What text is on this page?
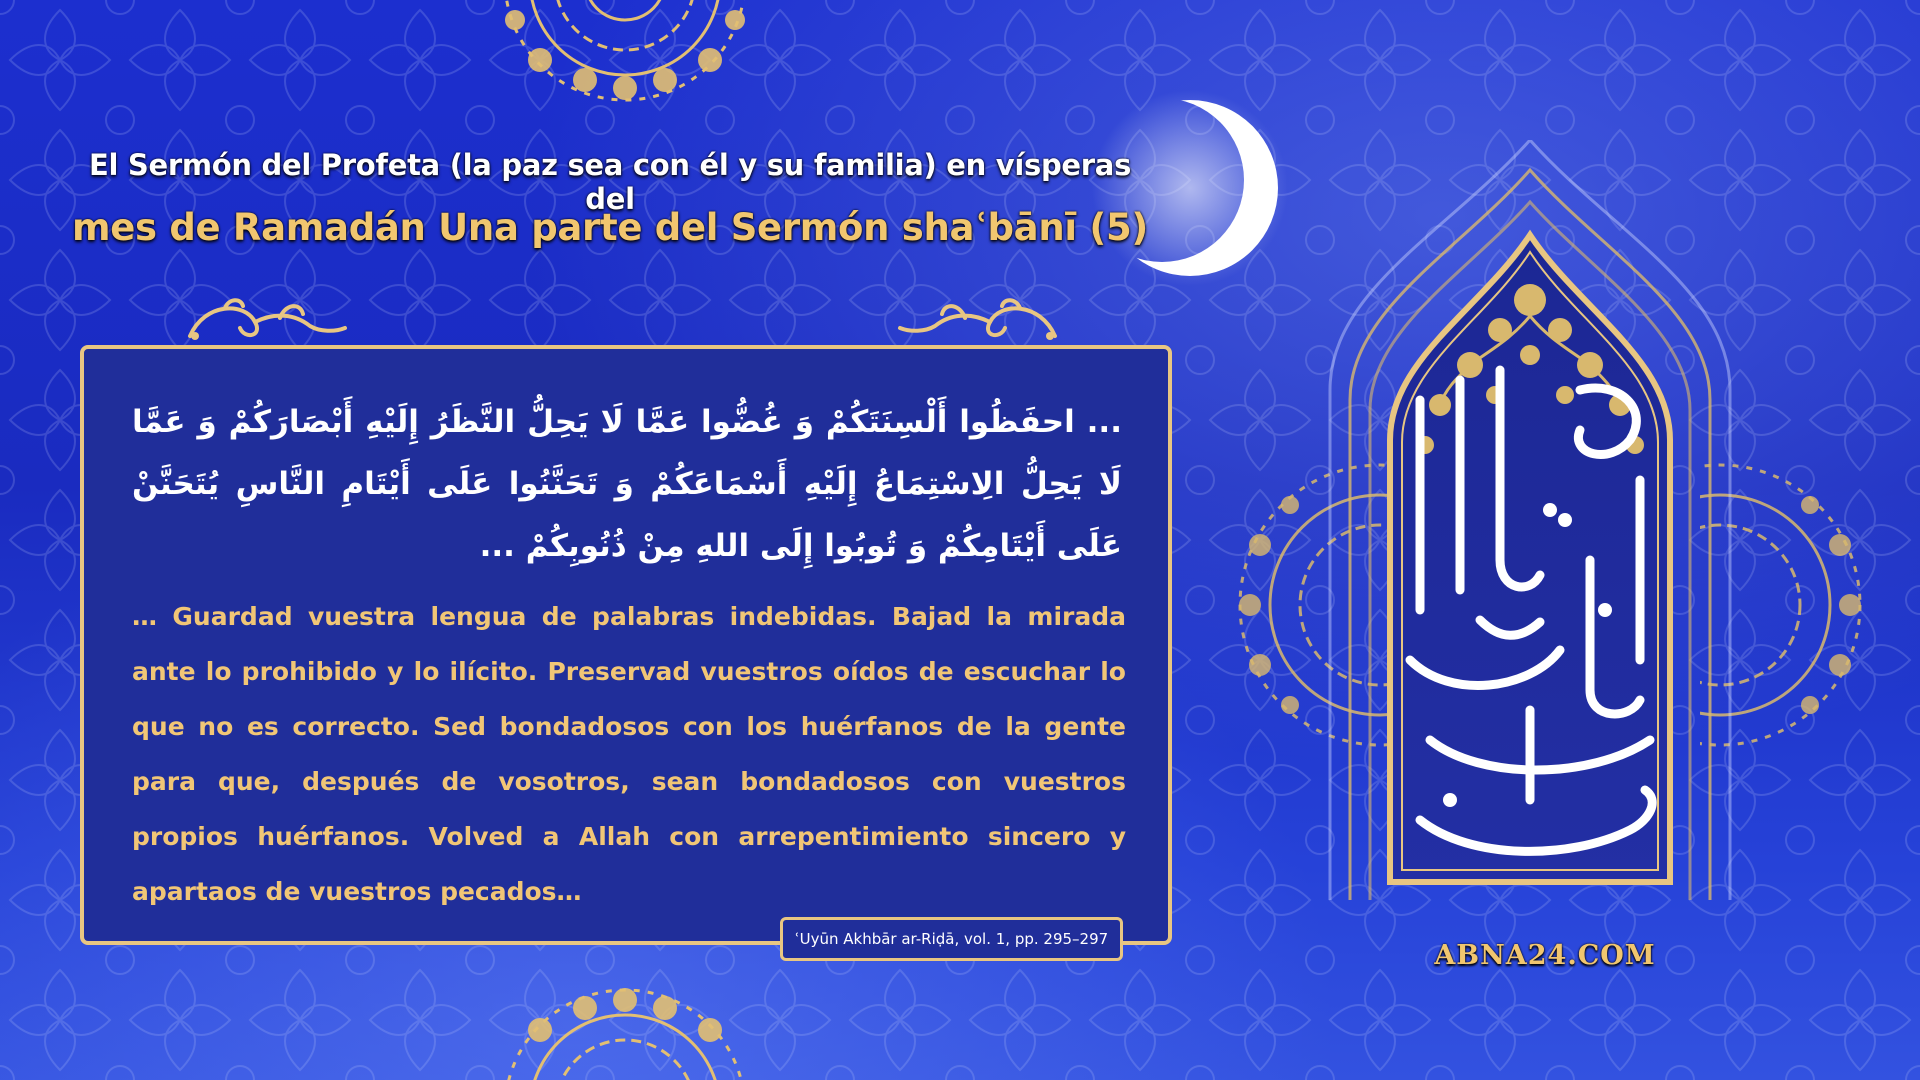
El Sermón del Profeta (la paz sea con él y su familia) en vísperas del
mes de Ramadán Una parte del Sermón shaʿbānī (5)
... احفَظُوا أَلْسِنَتَكُمْ وَ غُضُّوا عَمَّا لَا يَحِلُّ النَّظَرُ إِلَيْهِ أَبْصَارَكُمْ وَ عَمَّا لَا يَحِلُّ الِاسْتِمَاعُ إِلَيْهِ أَسْمَاعَكُمْ وَ تَحَنَّنُوا عَلَى أَيْتَامِ النَّاسِ يُتَحَنَّنْ عَلَى أَيْتَامِكُمْ وَ تُوبُوا إِلَى اللهِ مِنْ ذُنُوبِكُمْ ...
… Guardad vuestra lengua de palabras indebidas. Bajad la mirada ante lo prohibido y lo ilícito. Preservad vuestros oídos de escuchar lo que no es correcto. Sed bondadosos con los huérfanos de la gente para que, después de vosotros, sean bondadosos con vuestros propios huérfanos. Volved a Allah con arrepentimiento sincero y apartaos de vuestros pecados…
ʿUyūn Akhbār ar-Riḍā, vol. 1, pp. 295–297
ABNA24.COM
